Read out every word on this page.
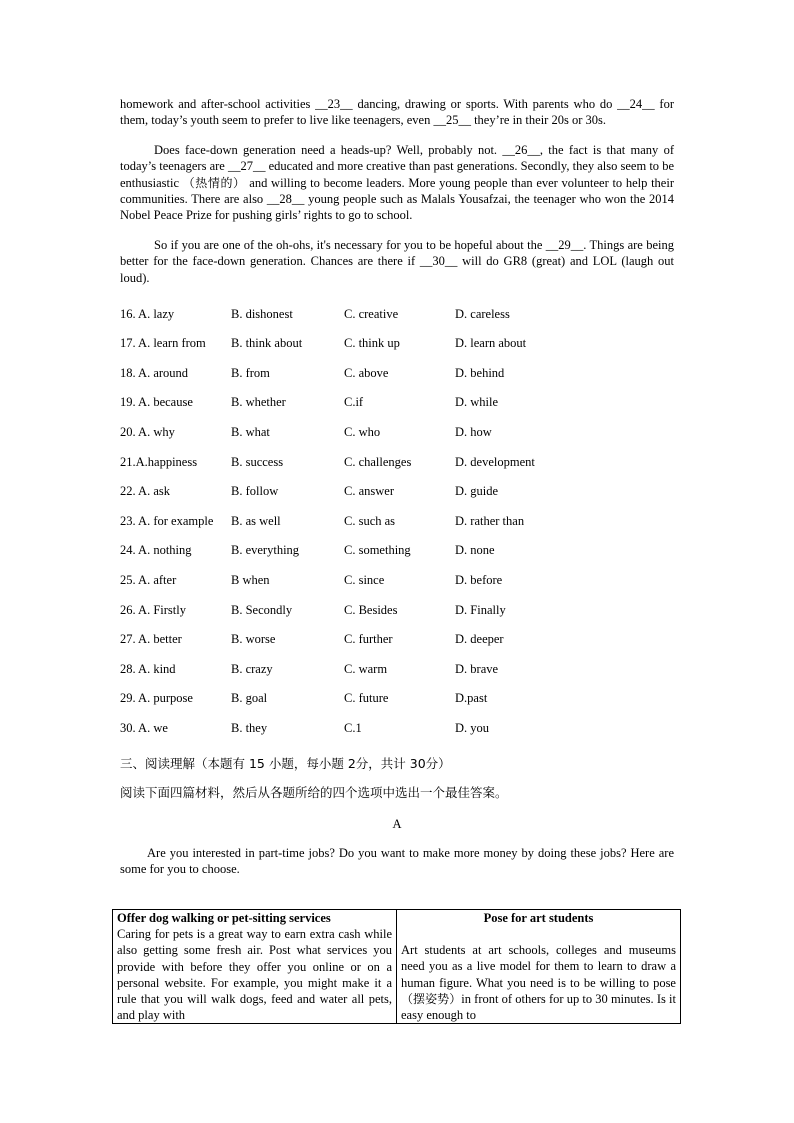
homework and after-school activities __23__ dancing, drawing or sports. With parents who do __24__ for them, today’s youth seem to prefer to live like teenagers, even __25__ they’re in their 20s or 30s.

Does face-down generation need a heads-up? Well, probably not. __26__, the fact is that many of today’s teenagers are __27__ educated and more creative than past generations. Secondly, they also seem to be enthusiastic （热情的） and willing to become leaders. More young people than ever volunteer to help their communities. There are also __28__ young people such as Malals Yousafzai, the teenager who won the 2014 Nobel Peace Prize for pushing girls’ rights to go to school.

So if you are one of the oh-ohs, it's necessary for you to be hopeful about the __29__. Things are being better for the face-down generation. Chances are there if __30__ will do GR8 (great) and LOL (laugh out loud).

16. A. lazy	B. dishonest	C. creative	D. careless
17. A. learn from	B. think about	C. think up	D. learn about
18. A. around	B. from	C. above	D. behind
19. A. because	B. whether	C.if	D. while
20. A. why	B. what	C. who	D. how
21.A.happiness	B. success	C. challenges	D. development
22. A. ask	B. follow	C. answer	D. guide
23. A. for example	B. as well	C. such as	D. rather than
24. A. nothing	B. everything	C. something	D. none
25. A. after	B when	C. since	D. before
26. A. Firstly	B. Secondly	C. Besides	D. Finally
27. A. better	B. worse	C. further	D. deeper
28. A. kind	B. crazy	C. warm	D. brave
29. A. purpose	B. goal	C. future	D.past
30. A. we	B. they	C.1	D. you
三、阅读理解（本题有 15 小题，每小题 2分，共计 30分）
阅读下面四篇材料，然后从各题所给的四个选项中选出一个最佳答案。
A

Are you interested in part-time jobs? Do you want to make more money by doing these jobs? Here are some for you to choose.

Offer dog walking or pet-sitting services
Caring for pets is a great way to earn extra cash while also getting some fresh air. Post what services you provide with before they offer you online or on a personal website. For example, you might make it a rule that you will walk dogs, feed and water all pets, and play with

Pose for art students
Art students at art schools, colleges and museums need you as a live model for them to learn to draw a human figure. What you need is to be willing to pose（摆姿势）in front of others for up to 30 minutes. Is it easy enough to
